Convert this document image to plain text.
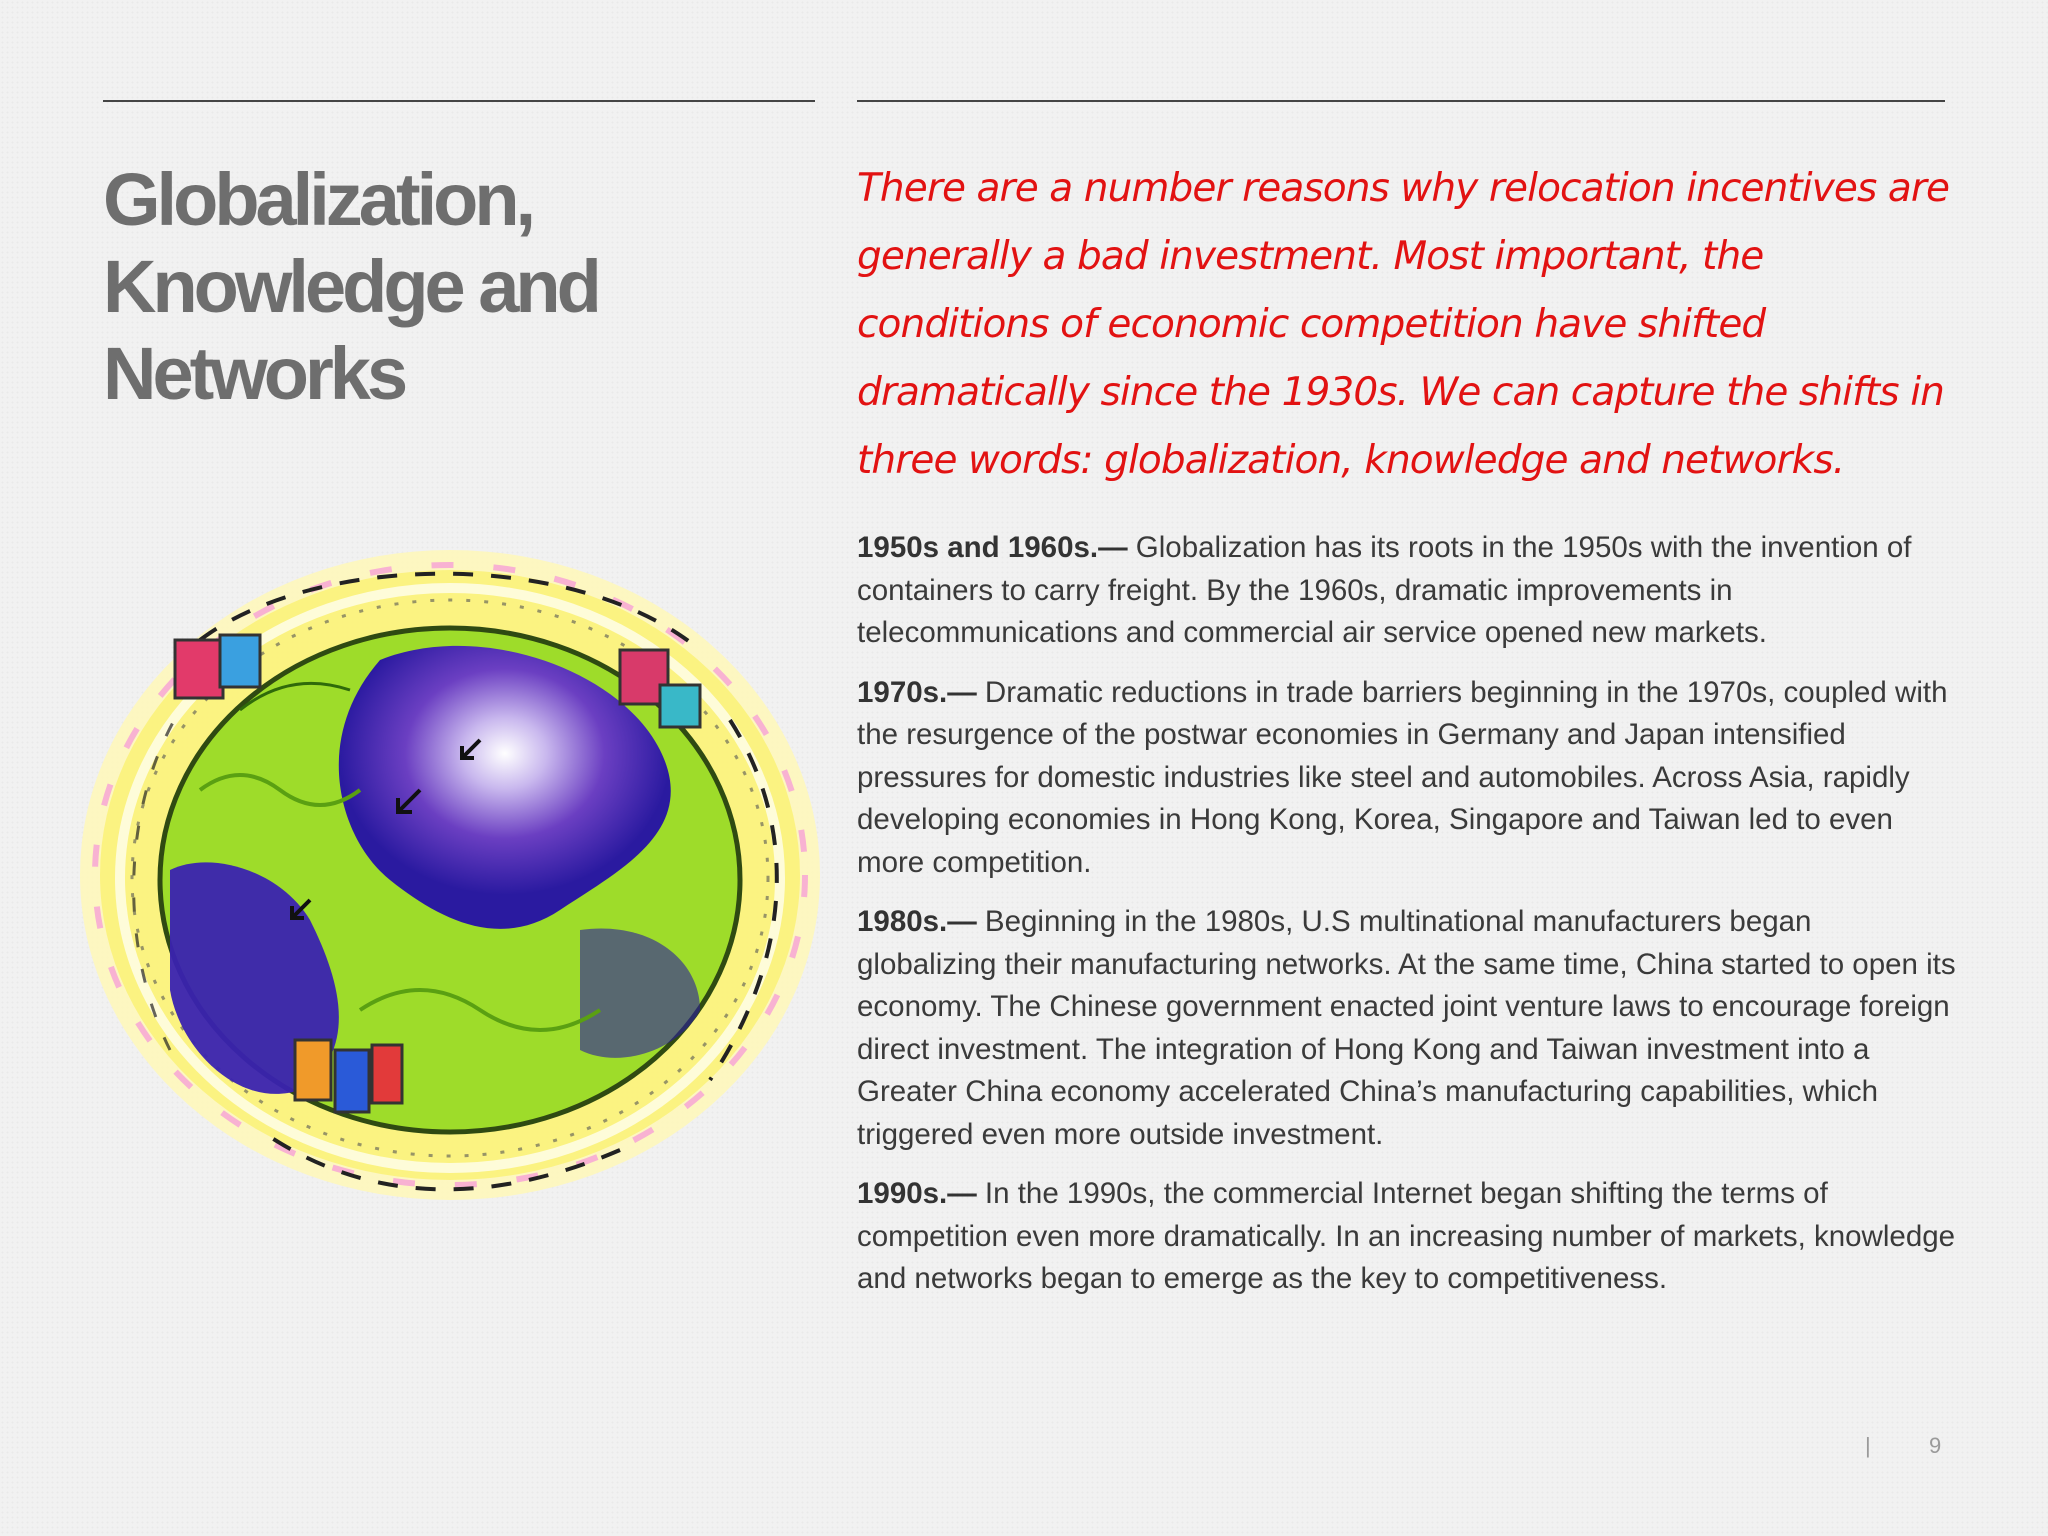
Globalization,
Knowledge and
Networks

There are a number reasons why relocation incentives are generally a bad investment. Most important, the conditions of economic competition have shifted dramatically since the 1930s. We can capture the shifts in three words: globalization, knowledge and networks.

1950s and 1960s.— Globalization has its roots in the 1950s with the invention of containers to carry freight. By the 1960s, dramatic improvements in telecommunications and commercial air service opened new markets.

1970s.— Dramatic reductions in trade barriers beginning in the 1970s, coupled with the resurgence of the postwar economies in Germany and Japan intensified pressures for domestic industries like steel and automobiles. Across Asia, rapidly developing economies in Hong Kong, Korea, Singapore and Taiwan led to even more competition.

1980s.— Beginning in the 1980s, U.S multinational manufacturers began globalizing their manufacturing networks. At the same time, China started to open its economy. The Chinese government enacted joint venture laws to encourage foreign direct investment. The integration of Hong Kong and Taiwan investment into a Greater China economy accelerated China’s manufacturing capabilities, which triggered even more outside investment.

1990s.— In the 1990s, the commercial Internet began shifting the terms of competition even more dramatically. In an increasing number of markets, knowledge and networks began to emerge as the key to competitiveness.

|	9
